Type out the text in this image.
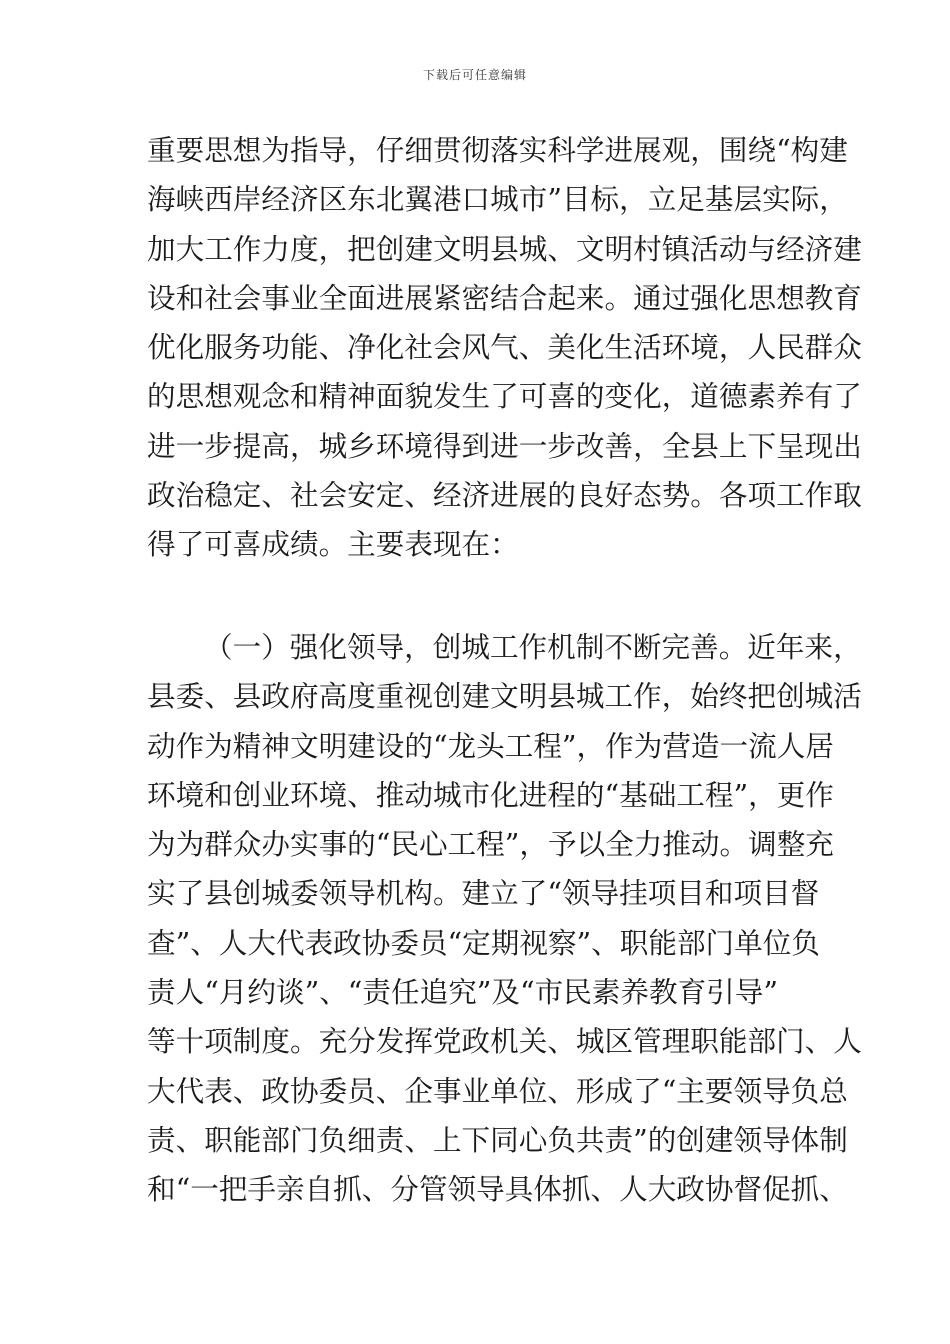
下载后可任意编辑
重要思想为指导，仔细贯彻落实科学进展观，围绕“构建
海峡西岸经济区东北翼港口城市”目标，立足基层实际，
加大工作力度，把创建文明县城、文明村镇活动与经济建
设和社会事业全面进展紧密结合起来。通过强化思想教育
优化服务功能、净化社会风气、美化生活环境，人民群众
的思想观念和精神面貌发生了可喜的变化，道德素养有了
进一步提高，城乡环境得到进一步改善，全县上下呈现出
政治稳定、社会安定、经济进展的良好态势。各项工作取
得了可喜成绩。主要表现在：
（一）强化领导，创城工作机制不断完善。近年来，
县委、县政府高度重视创建文明县城工作，始终把创城活
动作为精神文明建设的“龙头工程”，作为营造一流人居
环境和创业环境、推动城市化进程的“基础工程”，更作
为为群众办实事的“民心工程”，予以全力推动。调整充
实了县创城委领导机构。建立了“领导挂项目和项目督
查”、人大代表政协委员“定期视察”、职能部门单位负
责人“月约谈”、“责任追究”及“市民素养教育引导”
等十项制度。充分发挥党政机关、城区管理职能部门、人
大代表、政协委员、企事业单位、形成了“主要领导负总
责、职能部门负细责、上下同心负共责”的创建领导体制
和“一把手亲自抓、分管领导具体抓、人大政协督促抓、
